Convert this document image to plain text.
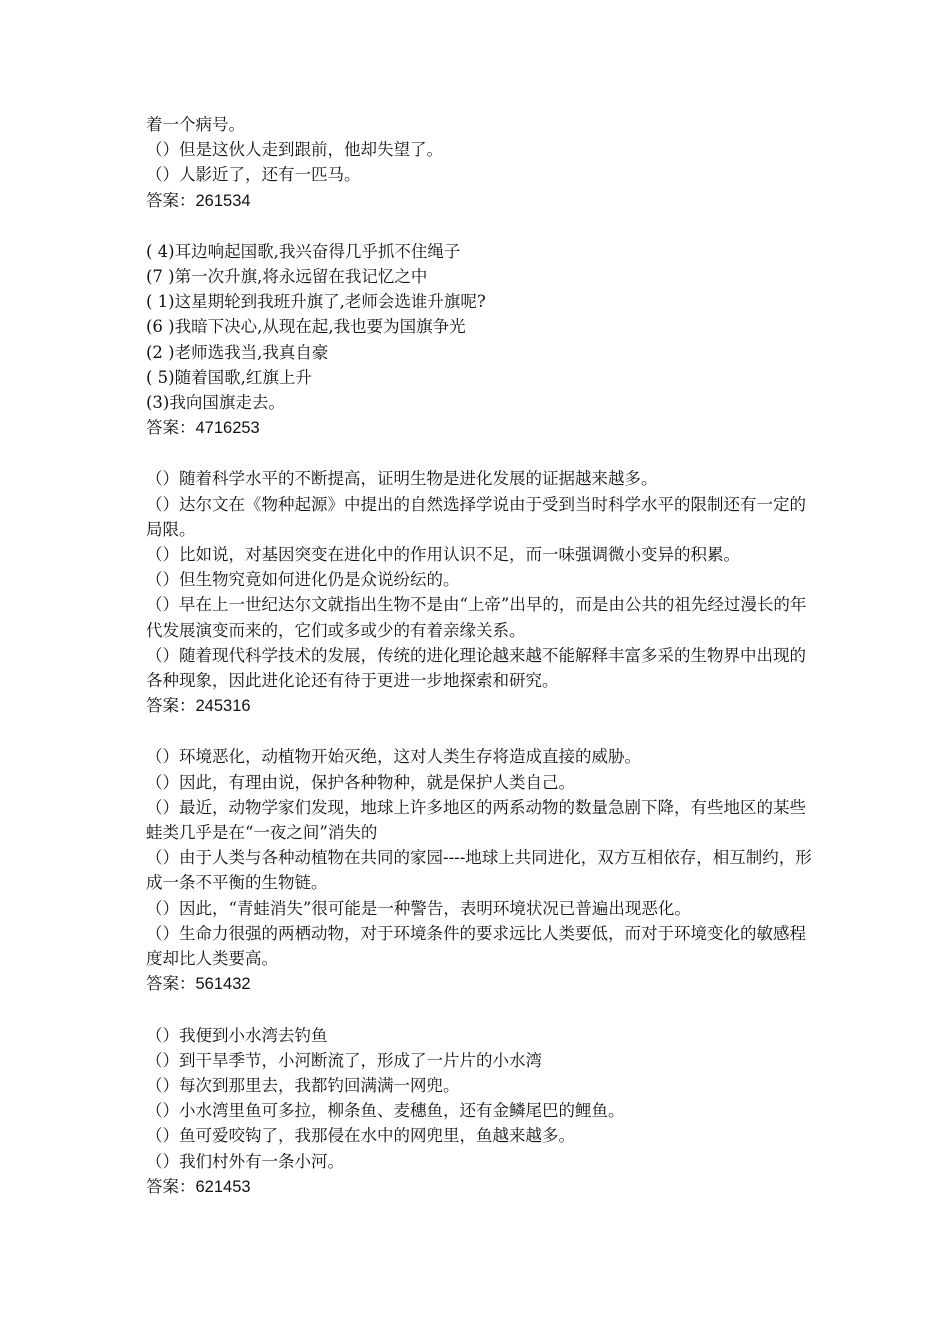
着一个病号。
（）但是这伙人走到跟前，他却失望了。
（）人影近了，还有一匹马。
答案：261534
( 4)耳边响起国歌,我兴奋得几乎抓不住绳子
(7 )第一次升旗,将永远留在我记忆之中
( 1)这星期轮到我班升旗了,老师会选谁升旗呢?
(6 )我暗下决心,从现在起,我也要为国旗争光
(2 )老师选我当,我真自豪
( 5)随着国歌,红旗上升
(3)我向国旗走去。
答案：4716253
（）随着科学水平的不断提高，证明生物是进化发展的证据越来越多。
（）达尔文在《物种起源》中提出的自然选择学说由于受到当时科学水平的限制还有一定的局限。
（）比如说，对基因突变在进化中的作用认识不足，而一味强调微小变异的积累。
（）但生物究竟如何进化仍是众说纷纭的。
（）早在上一世纪达尔文就指出生物不是由“上帝”出早的，而是由公共的祖先经过漫长的年代发展演变而来的，它们或多或少的有着亲缘关系。
（）随着现代科学技术的发展，传统的进化理论越来越不能解释丰富多采的生物界中出现的各种现象，因此进化论还有待于更进一步地探索和研究。
答案：245316
（）环境恶化，动植物开始灭绝，这对人类生存将造成直接的威胁。
（）因此，有理由说，保护各种物种，就是保护人类自己。
（）最近，动物学家们发现，地球上许多地区的两系动物的数量急剧下降，有些地区的某些蛙类几乎是在“一夜之间”消失的
（）由于人类与各种动植物在共同的家园----地球上共同进化，双方互相依存，相互制约，形成一条不平衡的生物链。
（）因此，“青蛙消失”很可能是一种警告，表明环境状况已普遍出现恶化。
（）生命力很强的两栖动物，对于环境条件的要求远比人类要低，而对于环境变化的敏感程度却比人类要高。
答案：561432
（）我便到小水湾去钓鱼
（）到干旱季节，小河断流了，形成了一片片的小水湾
（）每次到那里去，我都钓回满满一网兜。
（）小水湾里鱼可多拉，柳条鱼、麦穗鱼，还有金鳞尾巴的鲤鱼。
（）鱼可爱咬钩了，我那侵在水中的网兜里，鱼越来越多。
（）我们村外有一条小河。
答案：621453
